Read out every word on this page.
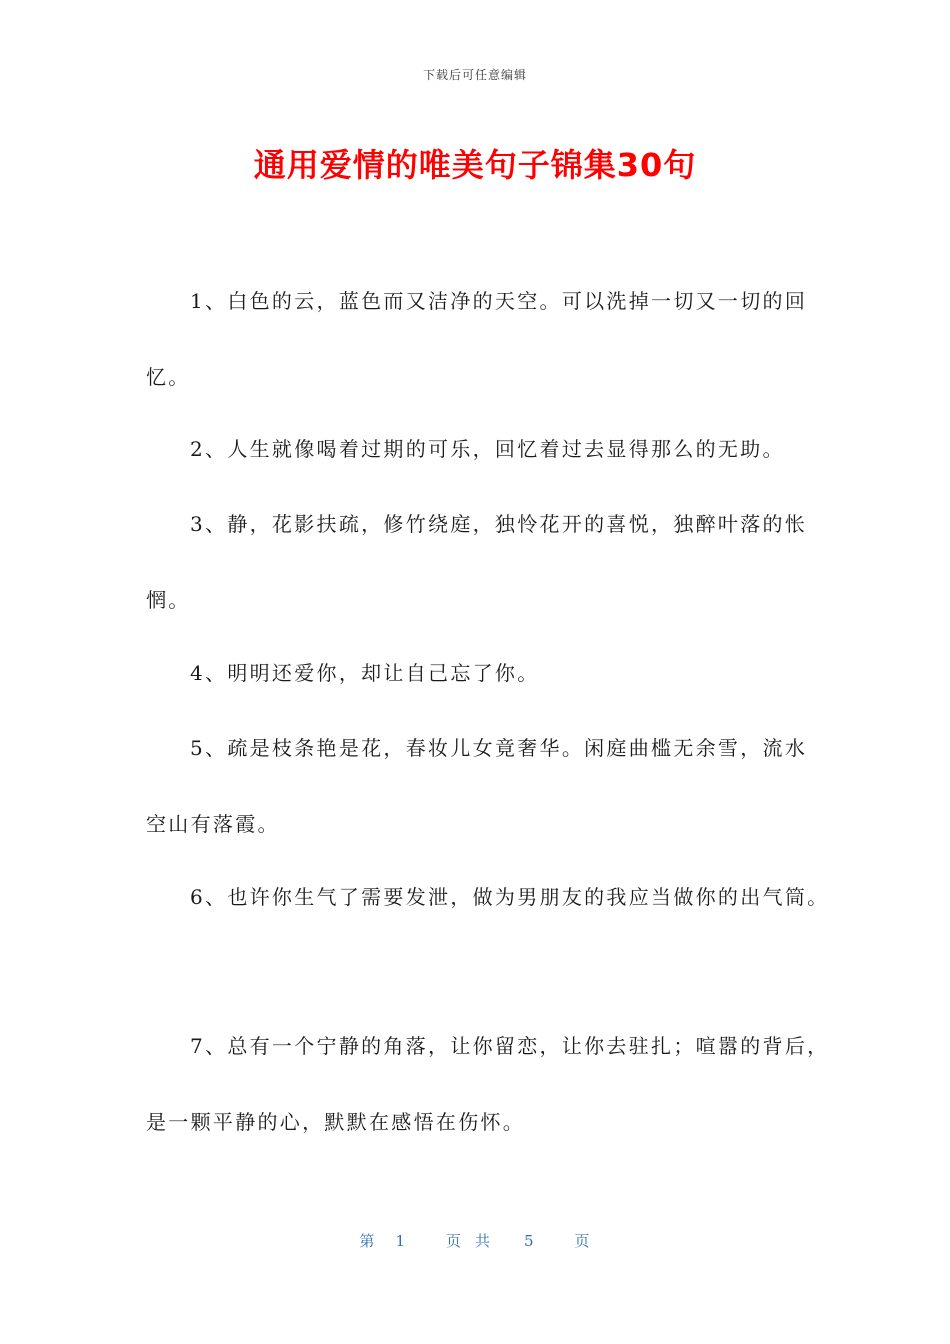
下载后可任意编辑
通用爱情的唯美句子锦集30句
1、白色的云，蓝色而又洁净的天空。可以洗掉一切又一切的回
忆。
2、人生就像喝着过期的可乐，回忆着过去显得那么的无助。
3、静，花影扶疏，修竹绕庭，独怜花开的喜悦，独醉叶落的怅
惘。
4、明明还爱你，却让自己忘了你。
5、疏是枝条艳是花，春妆儿女竟奢华。闲庭曲槛无余雪，流水
空山有落霞。
6、也许你生气了需要发泄，做为男朋友的我应当做你的出气筒。
7、总有一个宁静的角落，让你留恋，让你去驻扎；喧嚣的背后，
是一颗平静的心，默默在感悟在伤怀。
第 1	页共 5	页
